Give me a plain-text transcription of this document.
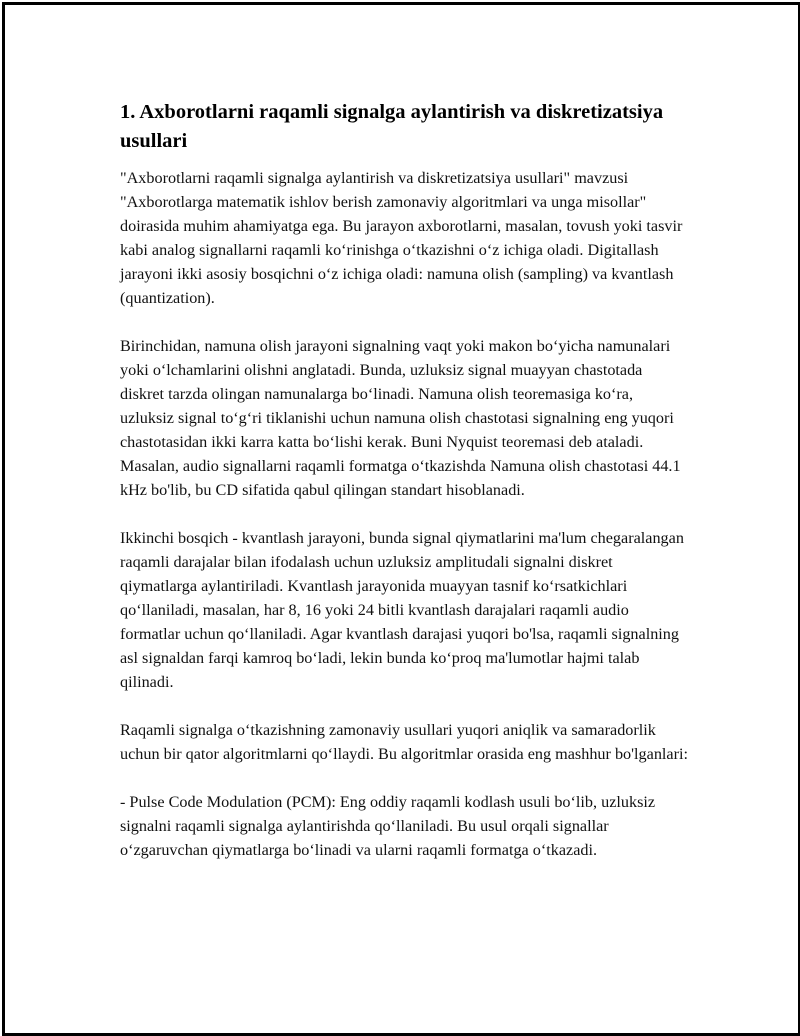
1. Axborotlarni raqamli signalga aylantirish va diskretizatsiya usullari

"Axborotlarni raqamli signalga aylantirish va diskretizatsiya usullari" mavzusi "Axborotlarga matematik ishlov berish zamonaviy algoritmlari va unga misollar" doirasida muhim ahamiyatga ega. Bu jarayon axborotlarni, masalan, tovush yoki tasvir kabi analog signallarni raqamli ko‘rinishga o‘tkazishni o‘z ichiga oladi. Digitallash jarayoni ikki asosiy bosqichni o‘z ichiga oladi: namuna olish (sampling) va kvantlash (quantization).

Birinchidan, namuna olish jarayoni signalning vaqt yoki makon bo‘yicha namunalari yoki o‘lchamlarini olishni anglatadi. Bunda, uzluksiz signal muayyan chastotada diskret tarzda olingan namunalarga bo‘linadi. Namuna olish teoremasiga ko‘ra, uzluksiz signal to‘g‘ri tiklanishi uchun namuna olish chastotasi signalning eng yuqori chastotasidan ikki karra katta bo‘lishi kerak. Buni Nyquist teoremasi deb ataladi. Masalan, audio signallarni raqamli formatga o‘tkazishda Namuna olish chastotasi 44.1 kHz bo'lib, bu CD sifatida qabul qilingan standart hisoblanadi.

Ikkinchi bosqich - kvantlash jarayoni, bunda signal qiymatlarini ma'lum chegaralangan raqamli darajalar bilan ifodalash uchun uzluksiz amplitudali signalni diskret qiymatlarga aylantiriladi. Kvantlash jarayonida muayyan tasnif ko‘rsatkichlari qo‘llaniladi, masalan, har 8, 16 yoki 24 bitli kvantlash darajalari raqamli audio formatlar uchun qo‘llaniladi. Agar kvantlash darajasi yuqori bo'lsa, raqamli signalning asl signaldan farqi kamroq bo‘ladi, lekin bunda ko‘proq ma'lumotlar hajmi talab qilinadi.

Raqamli signalga o‘tkazishning zamonaviy usullari yuqori aniqlik va samaradorlik uchun bir qator algoritmlarni qo‘llaydi. Bu algoritmlar orasida eng mashhur bo'lganlari:

- Pulse Code Modulation (PCM): Eng oddiy raqamli kodlash usuli bo‘lib, uzluksiz signalni raqamli signalga aylantirishda qo‘llaniladi. Bu usul orqali signallar o‘zgaruvchan qiymatlarga bo‘linadi va ularni raqamli formatga o‘tkazadi.
